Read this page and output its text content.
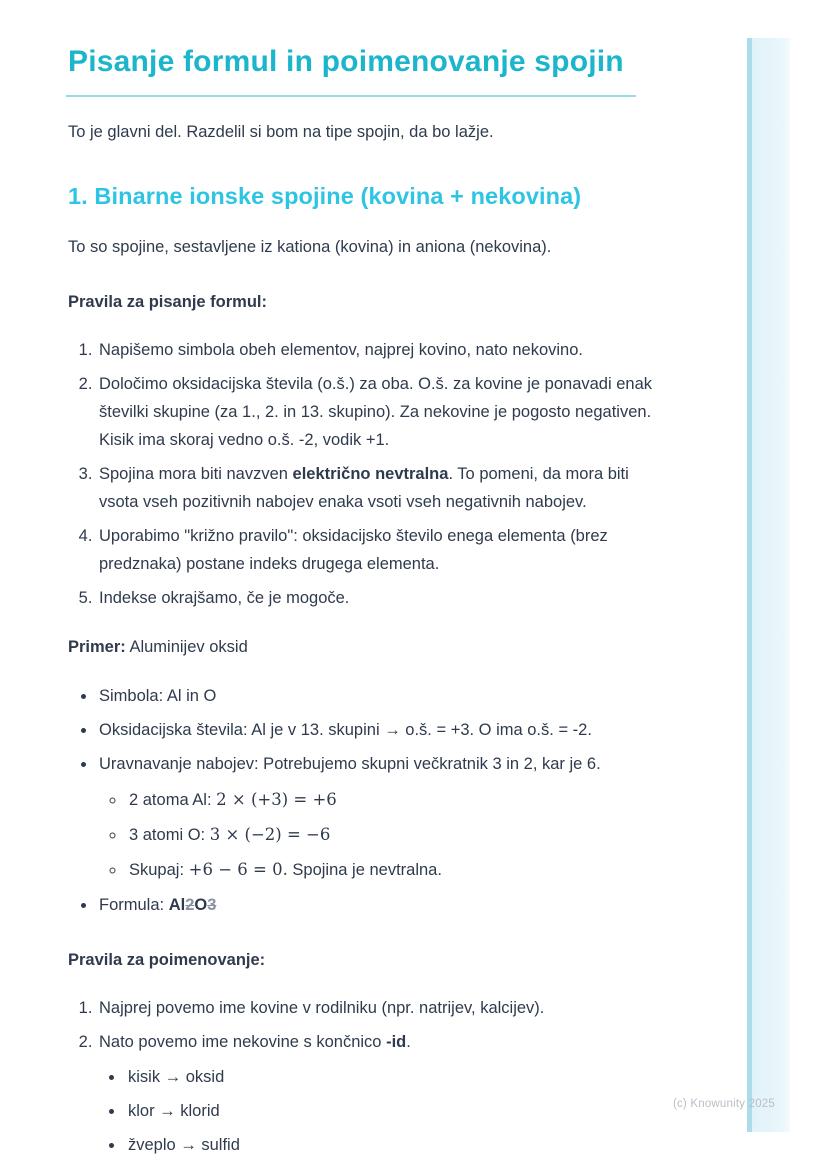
Pisanje formul in poimenovanje spojin

To je glavni del. Razdelil si bom na tipe spojin, da bo lažje.

1. Binarne ionske spojine (kovina + nekovina)

To so spojine, sestavljene iz kationa (kovina) in aniona (nekovina).

Pravila za pisanje formul:

1. Napišemo simbola obeh elementov, najprej kovino, nato nekovino.
2. Določimo oksidacijska števila (o.š.) za oba. O.š. za kovine je ponavadi enak številki skupine (za 1., 2. in 13. skupino). Za nekovine je pogosto negativen. Kisik ima skoraj vedno o.š. -2, vodik +1.
3. Spojina mora biti navzven električno nevtralna. To pomeni, da mora biti vsota vseh pozitivnih nabojev enaka vsoti vseh negativnih nabojev.
4. Uporabimo "križno pravilo": oksidacijsko število enega elementa (brez predznaka) postane indeks drugega elementa.
5. Indekse okrajšamo, če je mogoče.

Primer: Aluminijev oksid

• Simbola: Al in O
• Oksidacijska števila: Al je v 13. skupini → o.š. = +3. O ima o.š. = -2.
• Uravnavanje nabojev: Potrebujemo skupni večkratnik 3 in 2, kar je 6.
◦ 2 atoma Al: 2 × (+3) = +6
◦ 3 atomi O: 3 × (−2) = −6
◦ Skupaj: +6 − 6 = 0. Spojina je nevtralna.
• Formula: Al2O3

Pravila za poimenovanje:

1. Najprej povemo ime kovine v rodilniku (npr. natrijev, kalcijev).
2. Nato povemo ime nekovine s končnico -id.
• kisik → oksid
• klor → klorid
• žveplo → sulfid
(c) Knowunity 2025
